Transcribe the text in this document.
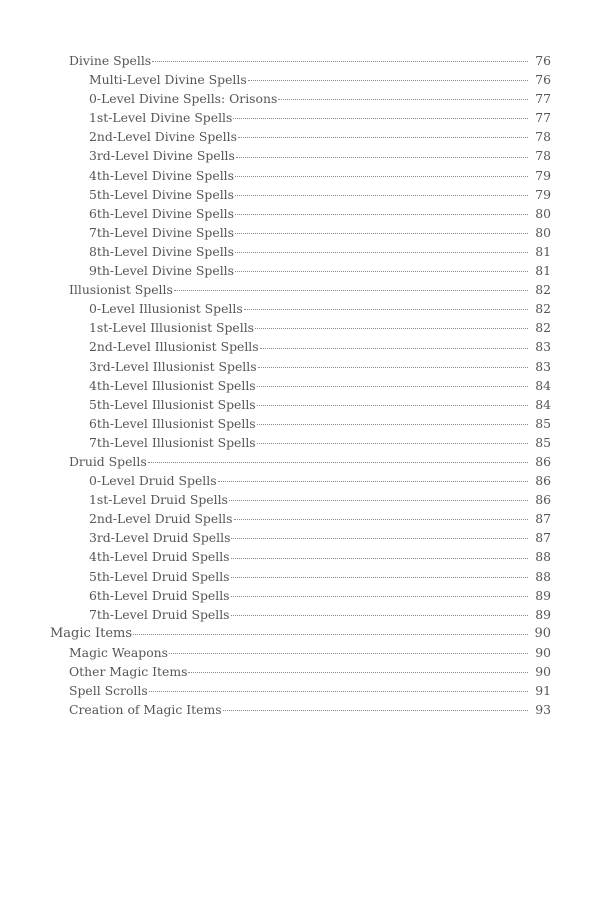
Divine Spells	76
Multi-Level Divine Spells	76
0-Level Divine Spells: Orisons	77
1st-Level Divine Spells	77
2nd-Level Divine Spells	78
3rd-Level Divine Spells	78
4th-Level Divine Spells	79
5th-Level Divine Spells	79
6th-Level Divine Spells	80
7th-Level Divine Spells	80
8th-Level Divine Spells	81
9th-Level Divine Spells	81
Illusionist Spells	82
0-Level Illusionist Spells	82
1st-Level Illusionist Spells	82
2nd-Level Illusionist Spells	83
3rd-Level Illusionist Spells	83
4th-Level Illusionist Spells	84
5th-Level Illusionist Spells	84
6th-Level Illusionist Spells	85
7th-Level Illusionist Spells	85
Druid Spells	86
0-Level Druid Spells	86
1st-Level Druid Spells	86
2nd-Level Druid Spells	87
3rd-Level Druid Spells	87
4th-Level Druid Spells	88
5th-Level Druid Spells	88
6th-Level Druid Spells	89
7th-Level Druid Spells	89
Magic Items	90
Magic Weapons	90
Other Magic Items	90
Spell Scrolls	91
Creation of Magic Items	93
